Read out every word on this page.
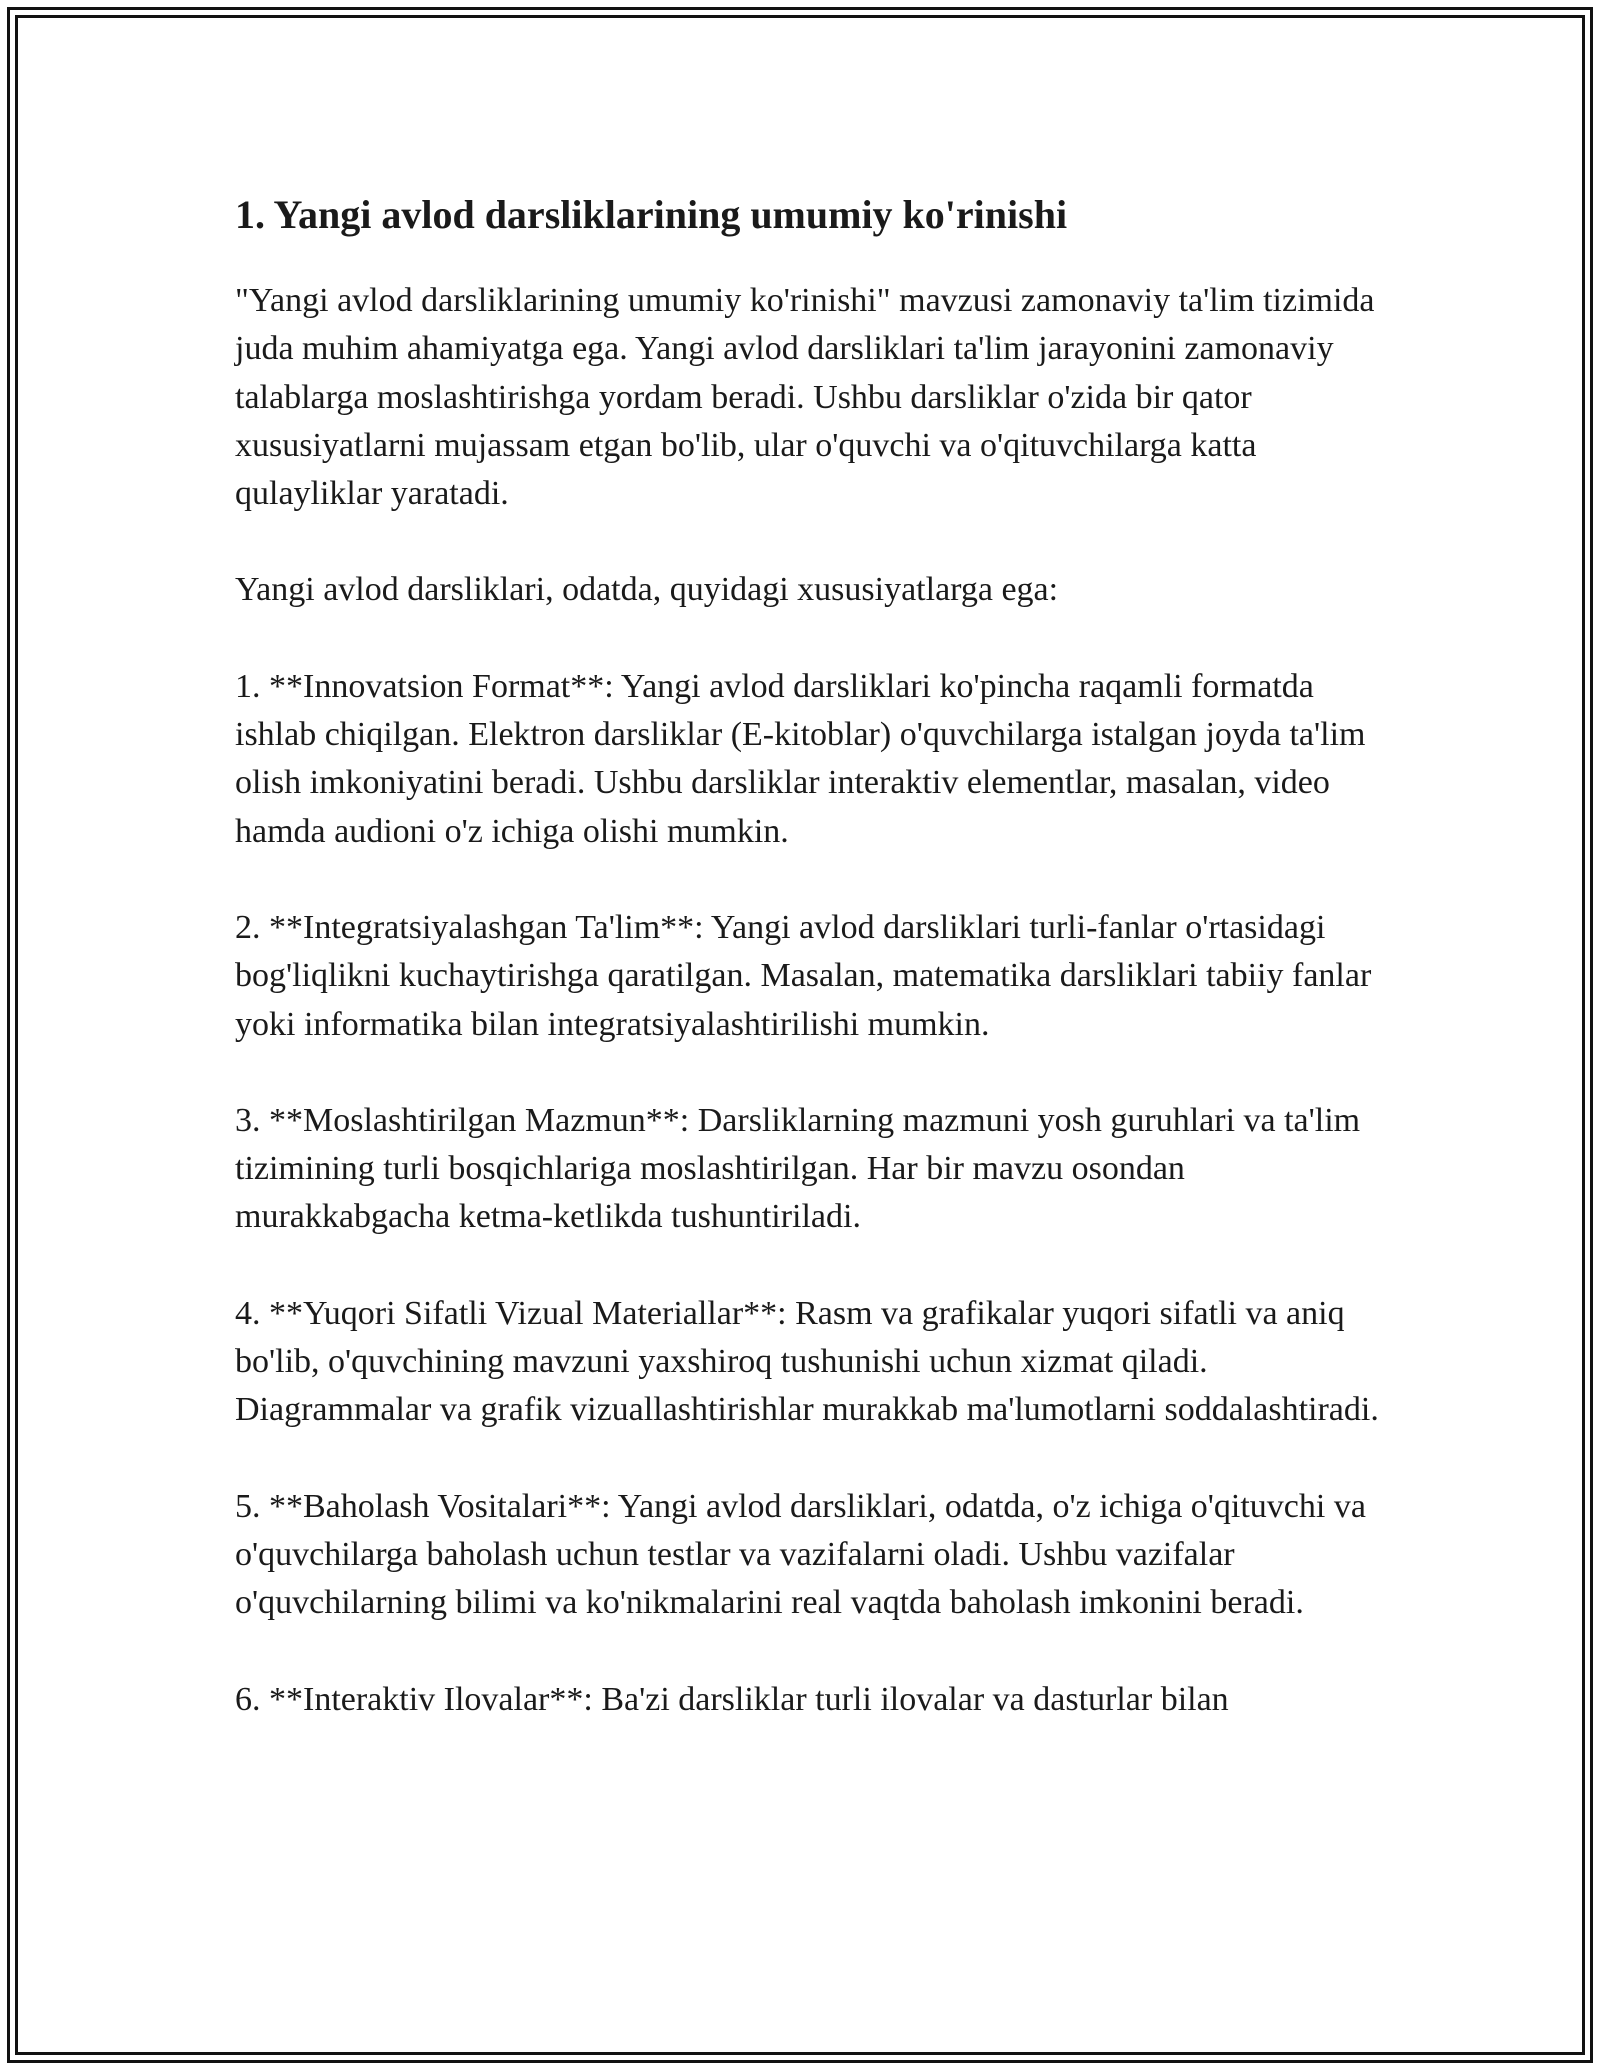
1. Yangi avlod darsliklarining umumiy ko'rinishi

"Yangi avlod darsliklarining umumiy ko'rinishi" mavzusi zamonaviy ta'lim tizimida juda muhim ahamiyatga ega. Yangi avlod darsliklari ta'lim jarayonini zamonaviy talablarga moslashtirishga yordam beradi. Ushbu darsliklar o'zida bir qator xususiyatlarni mujassam etgan bo'lib, ular o'quvchi va o'qituvchilarga katta qulayliklar yaratadi.

Yangi avlod darsliklari, odatda, quyidagi xususiyatlarga ega:

1. **Innovatsion Format**: Yangi avlod darsliklari ko'pincha raqamli formatda ishlab chiqilgan. Elektron darsliklar (E-kitoblar) o'quvchilarga istalgan joyda ta'lim olish imkoniyatini beradi. Ushbu darsliklar interaktiv elementlar, masalan, video hamda audioni o'z ichiga olishi mumkin.

2. **Integratsiyalashgan Ta'lim**: Yangi avlod darsliklari turli-fanlar o'rtasidagi bog'liqlikni kuchaytirishga qaratilgan. Masalan, matematika darsliklari tabiiy fanlar yoki informatika bilan integratsiyalashtirilishi mumkin.

3. **Moslashtirilgan Mazmun**: Darsliklarning mazmuni yosh guruhlari va ta'lim tizimining turli bosqichlariga moslashtirilgan. Har bir mavzu osondan murakkabgacha ketma-ketlikda tushuntiriladi.

4. **Yuqori Sifatli Vizual Materiallar**: Rasm va grafikalar yuqori sifatli va aniq bo'lib, o'quvchining mavzuni yaxshiroq tushunishi uchun xizmat qiladi. Diagrammalar va grafik vizuallashtirishlar murakkab ma'lumotlarni soddalashtiradi.

5. **Baholash Vositalari**: Yangi avlod darsliklari, odatda, o'z ichiga o'qituvchi va o'quvchilarga baholash uchun testlar va vazifalarni oladi. Ushbu vazifalar o'quvchilarning bilimi va ko'nikmalarini real vaqtda baholash imkonini beradi.

6. **Interaktiv Ilovalar**: Ba'zi darsliklar turli ilovalar va dasturlar bilan
